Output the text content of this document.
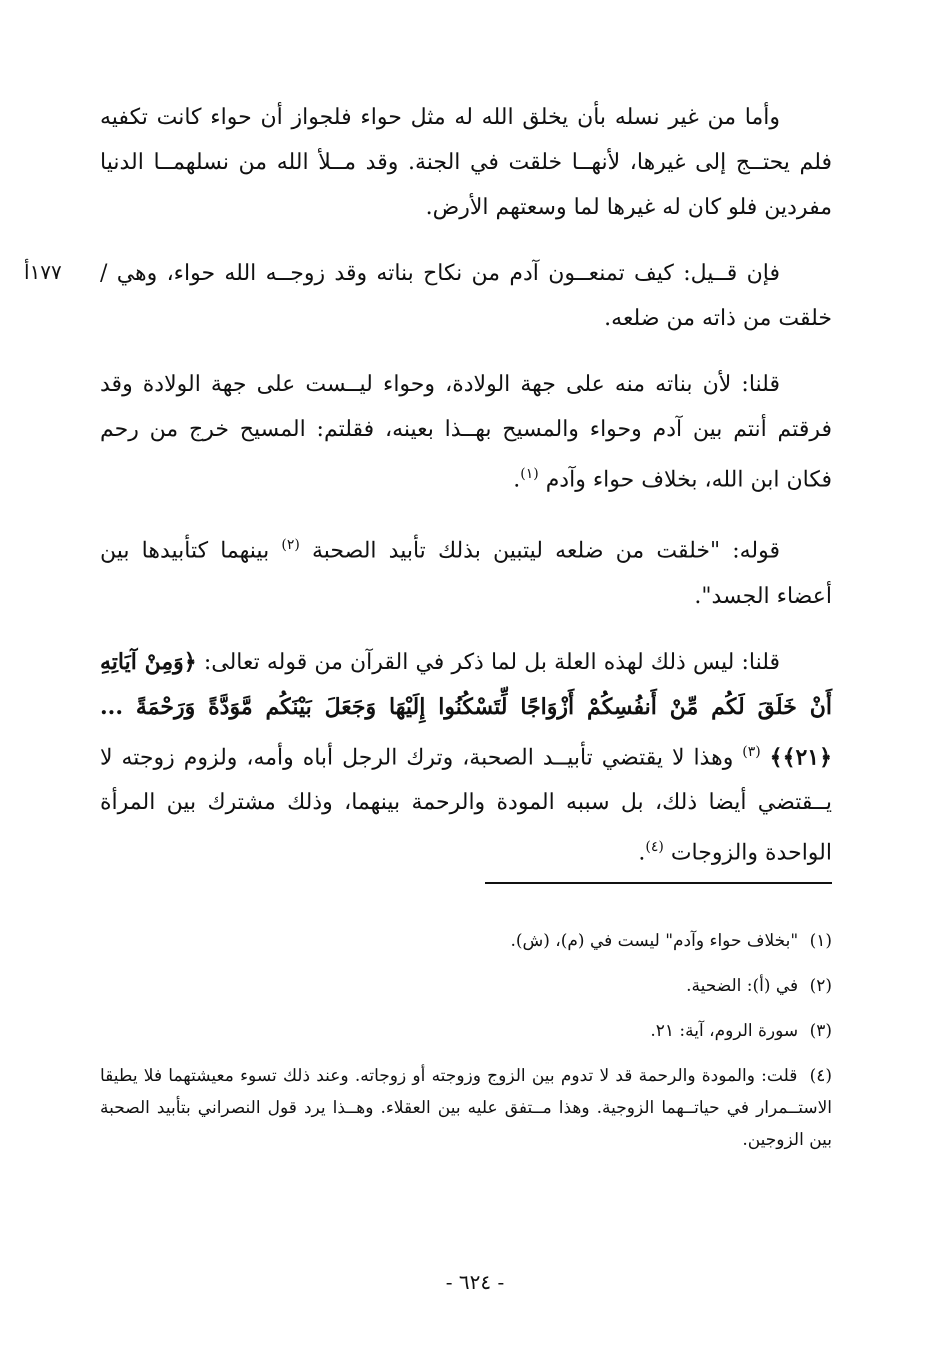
١٧٧أ

وأما من غير نسله بأن يخلق الله له مثل حواء فلجواز أن حواء كانت تكفيه فلم يحتــج إلى غيرها، لأنهــا خلقت في الجنة. وقد مــلأ الله من نسلهمــا الدنيا مفردين فلو كان له غيرها لما وسعتهم الأرض.

فإن قــيل: كيف تمنعــون آدم من نكاح بناته وقد زوجــه الله حواء، وهي / خلقت من ذاته من ضلعه.

قلنا: لأن بناته منه على جهة الولادة، وحواء ليــست على جهة الولادة وقد فرقتم أنتم بين آدم وحواء والمسيح بهــذا بعينه، فقلتم: المسيح خرج من رحم فكان ابن الله، بخلاف حواء وآدم $^{(١)}$.

قوله: "خلقت من ضلعه ليتبين بذلك تأبيد الصحبة $^{(٢)}$ بينهما كتأبيدها بين أعضاء الجسد".

قلنا: ليس ذلك لهذه العلة بل لما ذكر في القرآن من قوله تعالى: ﴿وَمِنْ آيَاتِهِ أَنْ خَلَقَ لَكُم مِّنْ أَنفُسِكُمْ أَزْوَاجًا لِّتَسْكُنُوا إِلَيْهَا وَجَعَلَ بَيْنَكُم مَّوَدَّةً وَرَحْمَةً ... ﴿٢١﴾﴾ $^{(٣)}$ وهذا لا يقتضي تأبيــد الصحبة، وترك الرجل أباه وأمه، ولزوم زوجته لا يــقتضي أيضا ذلك، بل سببه المودة والرحمة بينهما، وذلك مشترك بين المرأة الواحدة والزوجات $^{(٤)}$.

(١) "بخلاف حواء وآدم" ليست في (م)، (ش).
(٢) في (أ): الضحية.
(٣) سورة الروم، آية: ٢١.
(٤) قلت: والمودة والرحمة قد لا تدوم بين الزوج وزوجته أو زوجاته. وعند ذلك تسوء معيشتهما فلا يطيقا الاستــمرار في حياتــهما الزوجية. وهذا مــتفق عليه بين العقلاء. وهــذا يرد قول النصراني بتأبيد الصحبة بين الزوجين.
- ٦٢٤ -
